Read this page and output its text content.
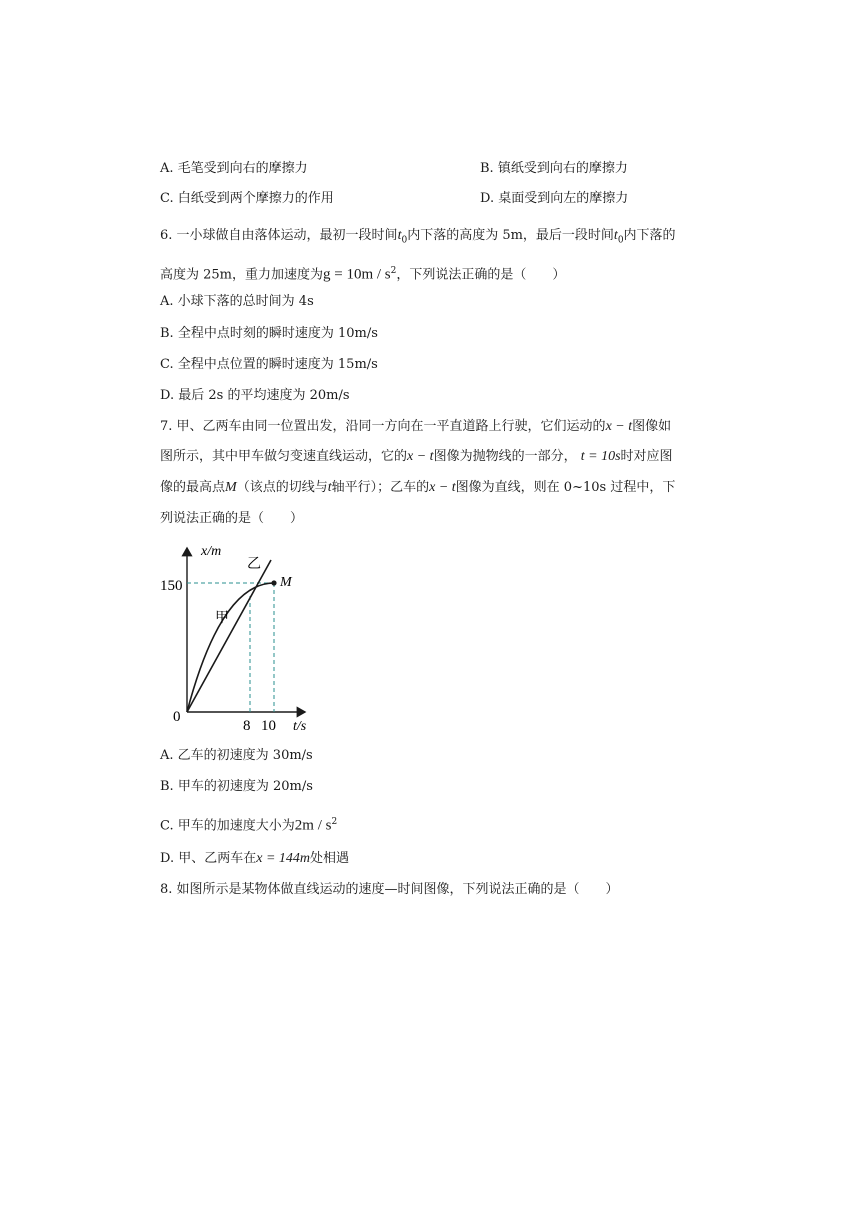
A. 毛笔受到向右的摩擦力	B. 镇纸受到向右的摩擦力
C. 白纸受到两个摩擦力的作用	D. 桌面受到向左的摩擦力
6. 一小球做自由落体运动，最初一段时间$t_0$内下落的高度为 5m，最后一段时间$t_0$内下落的
高度为 25m，重力加速度为$g = 10m / s^2$，下列说法正确的是（　　）
A. 小球下落的总时间为 4s
B. 全程中点时刻的瞬时速度为 10m/s
C. 全程中点位置的瞬时速度为 15m/s
D. 最后 2s 的平均速度为 20m/s
7. 甲、乙两车由同一位置出发，沿同一方向在一平直道路上行驶，它们运动的x − t图像如
图所示，其中甲车做匀变速直线运动，它的x − t图像为抛物线的一部分， t = 10s时对应图
像的最高点M（该点的切线与t轴平行）；乙车的x − t图像为直线，则在 0~10s 过程中，下
列说法正确的是（　　）
x/m
150
0
8 10 t/s
甲
乙
M
A. 乙车的初速度为 30m/s
B. 甲车的初速度为 20m/s
C. 甲车的加速度大小为$2m / s^2$
D. 甲、乙两车在x = 144m处相遇
8. 如图所示是某物体做直线运动的速度—时间图像，下列说法正确的是（　　）
